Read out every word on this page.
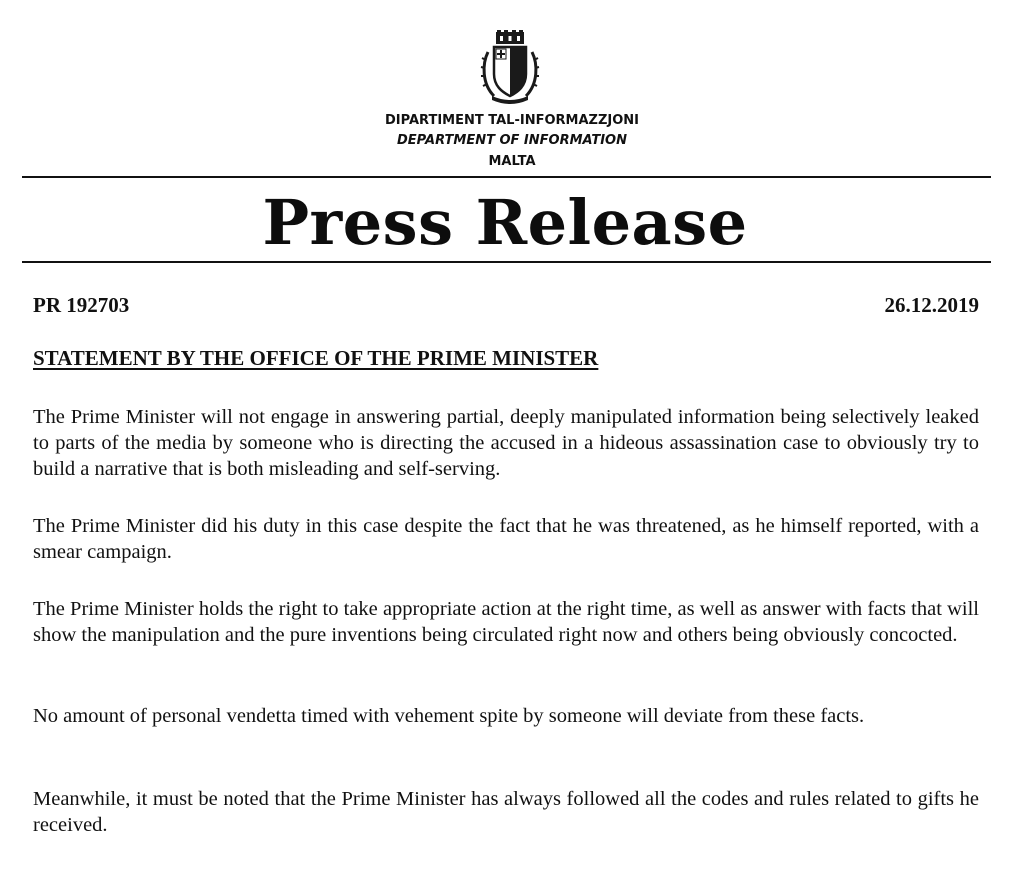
DIPARTIMENT TAL-INFORMAZZJONI
DEPARTMENT OF INFORMATION
MALTA
Press Release
PR 192703	26.12.2019
STATEMENT BY THE OFFICE OF THE PRIME MINISTER

The Prime Minister will not engage in answering partial, deeply manipulated information being selectively leaked to parts of the media by someone who is directing the accused in a hideous assassination case to obviously try to build a narrative that is both misleading and self-serving.

The Prime Minister did his duty in this case despite the fact that he was threatened, as he himself reported, with a smear campaign.

The Prime Minister holds the right to take appropriate action at the right time, as well as answer with facts that will show the manipulation and the pure inventions being circulated right now and others being obviously concocted.

No amount of personal vendetta timed with vehement spite by someone will deviate from these facts.

Meanwhile, it must be noted that the Prime Minister has always followed all the codes and rules related to gifts he received.
